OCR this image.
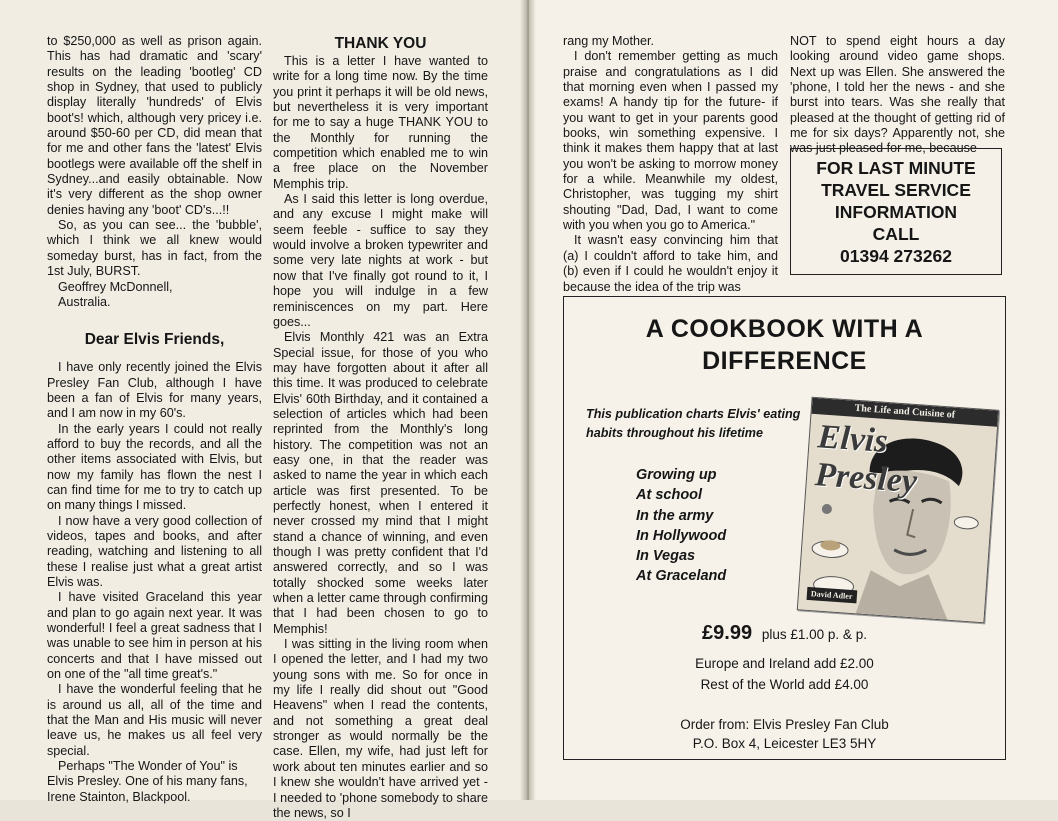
to $250,000 as well as prison again. This has had dramatic and 'scary' results on the leading 'bootleg' CD shop in Sydney, that used to publicly display literally 'hundreds' of Elvis boot's! which, although very pricey i.e. around $50-60 per CD, did mean that for me and other fans the 'latest' Elvis bootlegs were available off the shelf in Sydney...and easily obtainable. Now it's very different as the shop owner denies having any 'boot' CD's...!!

So, as you can see... the 'bubble', which I think we all knew would someday burst, has in fact, from the 1st July, BURST.

Geoffrey McDonnell,

Australia.

Dear Elvis Friends,

I have only recently joined the Elvis Presley Fan Club, although I have been a fan of Elvis for many years, and I am now in my 60's.

In the early years I could not really afford to buy the records, and all the other items associated with Elvis, but now my family has flown the nest I can find time for me to try to catch up on many things I missed.

I now have a very good collection of videos, tapes and books, and after reading, watching and listening to all these I realise just what a great artist Elvis was.

I have visited Graceland this year and plan to go again next year. It was wonderful! I feel a great sadness that I was unable to see him in person at his concerts and that I have missed out on one of the "all time great's."

I have the wonderful feeling that he is around us all, all of the time and that the Man and His music will never leave us, he makes us all feel very special.

Perhaps "The Wonder of You" is Elvis Presley. One of his many fans, Irene Stainton, Blackpool.

THANK YOU

This is a letter I have wanted to write for a long time now. By the time you print it perhaps it will be old news, but nevertheless it is very important for me to say a huge THANK YOU to the Monthly for running the competition which enabled me to win a free place on the November Memphis trip.

As I said this letter is long overdue, and any excuse I might make will seem feeble - suffice to say they would involve a broken typewriter and some very late nights at work - but now that I've finally got round to it, I hope you will indulge in a few reminiscences on my part. Here goes...

Elvis Monthly 421 was an Extra Special issue, for those of you who may have forgotten about it after all this time. It was produced to celebrate Elvis' 60th Birthday, and it contained a selection of articles which had been reprinted from the Monthly's long history. The competition was not an easy one, in that the reader was asked to name the year in which each article was first presented. To be perfectly honest, when I entered it never crossed my mind that I might stand a chance of winning, and even though I was pretty confident that I'd answered correctly, and so I was totally shocked some weeks later when a letter came through confirming that I had been chosen to go to Memphis!

I was sitting in the living room when I opened the letter, and I had my two young sons with me. So for once in my life I really did shout out "Good Heavens" when I read the contents, and not something a great deal stronger as would normally be the case. Ellen, my wife, had just left for work about ten minutes earlier and so I knew she wouldn't have arrived yet - I needed to 'phone somebody to share the news, so I

rang my Mother.

I don't remember getting as much praise and congratulations as I did that morning even when I passed my exams! A handy tip for the future- if you want to get in your parents good books, win something expensive. I think it makes them happy that at last you won't be asking to morrow money for a while. Meanwhile my oldest, Christopher, was tugging my shirt shouting "Dad, Dad, I want to come with you when you go to America."

It wasn't easy convincing him that (a) I couldn't afford to take him, and (b) even if I could he wouldn't enjoy it because the idea of the trip was

NOT to spend eight hours a day looking around video game shops. Next up was Ellen. She answered the 'phone, I told her the news - and she burst into tears. Was she really that pleased at the thought of getting rid of me for six days? Apparently not, she was just pleased for me, because

FOR LAST MINUTE
TRAVEL SERVICE
INFORMATION
CALL
01394 273262
A COOKBOOK WITH A
DIFFERENCE
This publication charts Elvis' eating habits throughout his lifetime
Growing up
At school
In the army
In Hollywood
In Vegas
At Graceland
The Life and Cuisine of
Elvis Presley
David Adler
£9.99 plus £1.00 p. & p.
Europe and Ireland add £2.00
Rest of the World add £4.00
Order from: Elvis Presley Fan Club
P.O. Box 4, Leicester LE3 5HY
